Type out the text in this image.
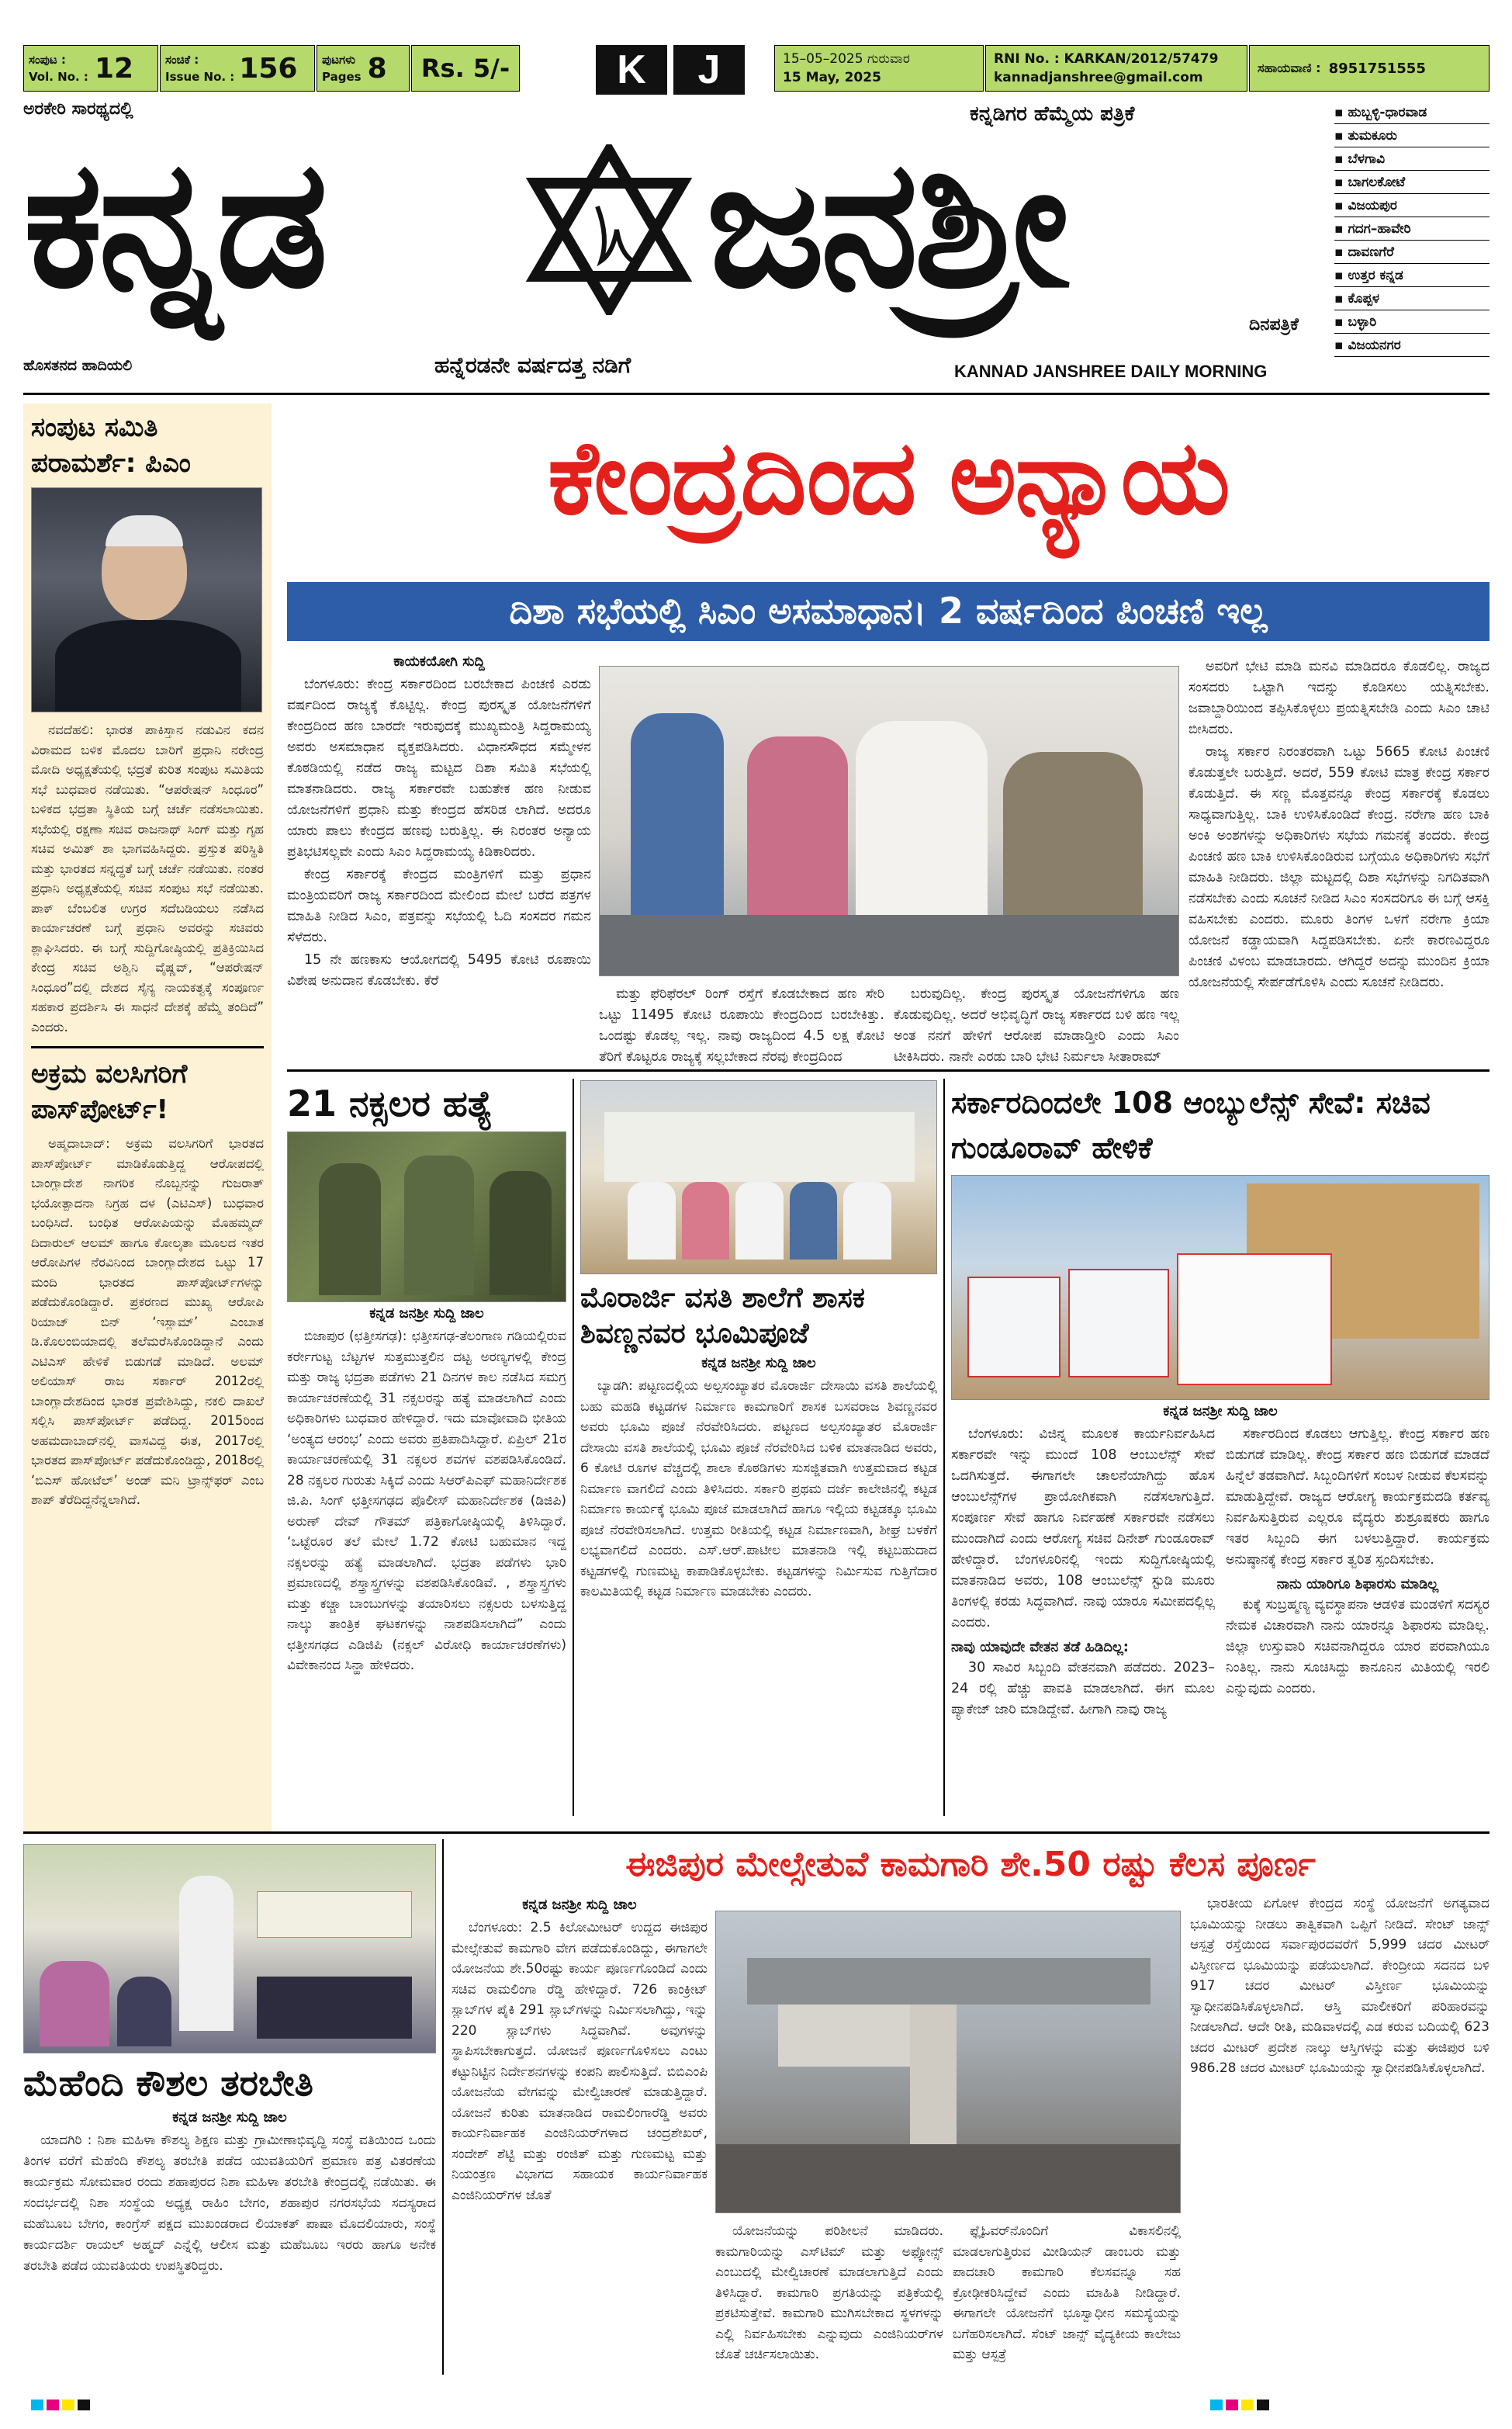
ಸಂಪುಟ :
Vol. No. : 12	ಸಂಚಿಕೆ :
Issue No. : 156 ಪುಟಗಳು
Pages 8 Rs. 5/-	K	J	15–05–2025 ಗುರುವಾರ
15 May, 2025
RNI No. : KARKAN/2012/57479
kannadjanshree@gmail.com
ಸಹಾಯವಾಣಿ : 8951751555
ಅರಕೇರಿ ಸಾರಥ್ಯದಲ್ಲಿ	ಕನ್ನಡಿಗರ ಹೆಮ್ಮೆಯ ಪತ್ರಿಕೆ
ಕನ್ನಡ ಜನಶ್ರೀ	ದಿನಪತ್ರಿಕೆ
ಹೊಸತನದ ಹಾದಿಯಲಿ	ಹನ್ನೆರಡನೇ ವರ್ಷದತ್ತ ನಡಿಗೆ	KANNAD JANSHREE DAILY MORNING
▪ ಹುಬ್ಬಳ್ಳಿ-ಧಾರವಾಡ
▪ ತುಮಕೂರು
▪ ಬೆಳಗಾವಿ
▪ ಬಾಗಲಕೋಟೆ
▪ ವಿಜಯಪುರ
▪ ಗದಗ–ಹಾವೇರಿ
▪ ದಾವಣಗೆರೆ
▪ ಉತ್ತರ ಕನ್ನಡ
▪ ಕೊಪ್ಪಳ
▪ ಬಳ್ಳಾರಿ
▪ ವಿಜಯನಗರ
ಸಂಪುಟ ಸಮಿತಿ ಪರಾಮರ್ಶೆ: ಪಿಎಂ
ನವದೆಹಲಿ: ಭಾರತ ಪಾಕಿಸ್ತಾನ ನಡುವಿನ ಕದನ ವಿರಾಮದ ಬಳಿಕ ಮೊದಲ ಬಾರಿಗೆ ಪ್ರಧಾನಿ ನರೇಂದ್ರ ಮೋದಿ ಅಧ್ಯಕ್ಷತೆಯಲ್ಲಿ ಭದ್ರತೆ ಕುರಿತ ಸಂಪುಟ ಸಮಿತಿಯ ಸಭೆ ಬುಧವಾರ ನಡೆಯಿತು. “ಆಪರೇಷನ್ ಸಿಂಧೂರ” ಬಳಿಕದ ಭದ್ರತಾ ಸ್ಥಿತಿಯ ಬಗ್ಗೆ ಚರ್ಚೆ ನಡೆಸಲಾಯಿತು. ಸಭೆಯಲ್ಲಿ ರಕ್ಷಣಾ ಸಚಿವ ರಾಜನಾಥ್ ಸಿಂಗ್ ಮತ್ತು ಗೃಹ ಸಚಿವ ಅಮಿತ್ ಶಾ ಭಾಗವಹಿಸಿದ್ದರು. ಪ್ರಸ್ತುತ ಪರಿಸ್ಥಿತಿ ಮತ್ತು ಭಾರತದ ಸನ್ನದ್ಧತೆ ಬಗ್ಗೆ ಚರ್ಚೆ ನಡೆಯಿತು. ನಂತರ ಪ್ರಧಾನಿ ಅಧ್ಯಕ್ಷತೆಯಲ್ಲಿ ಸಚಿವ ಸಂಪುಟ ಸಭೆ ನಡೆಯಿತು. ಪಾಕ್ ಬೆಂಬಲಿತ ಉಗ್ರರ ಸದೆಬಡಿಯಲು ನಡೆಸಿದ ಕಾರ್ಯಾಚರಣೆ ಬಗ್ಗೆ ಪ್ರಧಾನಿ ಅವರನ್ನು ಸಚಿವರು ಶ್ಲಾಘಿಸಿದರು. ಈ ಬಗ್ಗೆ ಸುದ್ದಿಗೋಷ್ಠಿಯಲ್ಲಿ ಪ್ರತಿಕ್ರಿಯಿಸಿದ ಕೇಂದ್ರ ಸಚಿವ ಅಶ್ವಿನಿ ವೈಷ್ಣವ್, “ಆಪರೇಷನ್ ಸಿಂಧೂರ”ದಲ್ಲಿ ದೇಶದ ಸೈನ್ಯ ನಾಯಕತ್ವಕ್ಕೆ ಸಂಪೂರ್ಣ ಸಹಕಾರ ಪ್ರದರ್ಶಿಸಿ ಈ ಸಾಧನೆ ದೇಶಕ್ಕೆ ಹೆಮ್ಮೆ ತಂದಿದೆ” ಎಂದರು.
ಅಕ್ರಮ ವಲಸಿಗರಿಗೆ ಪಾಸ್‌ಪೋರ್ಟ್!
ಅಹ್ಮದಾಬಾದ್: ಅಕ್ರಮ ವಲಸಿಗರಿಗೆ ಭಾರತದ ಪಾಸ್‌ಪೋರ್ಟ್ ಮಾಡಿಕೊಡುತ್ತಿದ್ದ ಆರೋಪದಲ್ಲಿ ಬಾಂಗ್ಲಾದೇಶ ನಾಗರಿಕ ನೊಬ್ಬನನ್ನು ಗುಜರಾತ್ ಭಯೋತ್ಪಾದನಾ ನಿಗ್ರಹ ದಳ (ಎಟಿಎಸ್) ಬುಧವಾರ ಬಂಧಿಸಿದೆ. ಬಂಧಿತ ಆರೋಪಿಯನ್ನು ಮೊಹಮ್ಮದ್ ದಿದಾರುಲ್ ಆಲಮ್ ಹಾಗೂ ಕೋಲ್ಕತಾ ಮೂಲದ ಇತರ ಆರೋಪಿಗಳ ನೆರವಿನಿಂದ ಬಾಂಗ್ಲಾದೇಶದ ಒಟ್ಟು 17 ಮಂದಿ ಭಾರತದ ಪಾಸ್‌ಪೋರ್ಟ್‌ಗಳನ್ನು ಪಡೆದುಕೊಂಡಿದ್ದಾರೆ. ಪ್ರಕರಣದ ಮುಖ್ಯ ಆರೋಪಿ ರಿಯಾಜ್ ಬಿನ್ ‘ಇಸ್ಲಾಮ್’ ಎಂಬಾತ ಡಿ.ಕೊಲಂಬಿಯಾದಲ್ಲಿ ತಲೆಮರೆಸಿಕೊಂಡಿದ್ದಾನೆ ಎಂದು ಎಟಿಎಸ್ ಹೇಳಿಕೆ ಬಿಡುಗಡೆ ಮಾಡಿದೆ. ಅಲಮ್ ಅಲಿಯಾಸ್ ರಾಜ ಸರ್ಕಾರ್ 2012ರಲ್ಲಿ ಬಾಂಗ್ಲಾದೇಶದಿಂದ ಭಾರತ ಪ್ರವೇಶಿಸಿದ್ದು, ನಕಲಿ ದಾಖಲೆ ಸಲ್ಲಿಸಿ ಪಾಸ್‌ಪೋರ್ಟ್ ಪಡೆದಿದ್ದ. 2015ರಿಂದ ಅಹಮದಾಬಾದ್‌ನಲ್ಲಿ ವಾಸವಿದ್ದ ಈತ, 2017ರಲ್ಲಿ ಭಾರತದ ಪಾಸ್‌ಪೋರ್ಟ್ ಪಡೆದುಕೊಂಡಿದ್ದು, 2018ರಲ್ಲಿ ‘ಬಿಎಸ್ ಹೋಟೆಲ್’ ಅಂಡ್ ಮನಿ ಟ್ರಾನ್ಸ್‌ಫರ್ ಎಂಬ ಶಾಪ್ ತೆರೆದಿದ್ದನೆನ್ನಲಾಗಿದೆ.
ಕೇಂದ್ರದಿಂದ ಅನ್ಯಾಯ
ದಿಶಾ ಸಭೆಯಲ್ಲಿ ಸಿಎಂ ಅಸಮಾಧಾನ। 2 ವರ್ಷದಿಂದ ಪಿಂಚಣಿ ಇಲ್ಲ
ಕಾಯಕಯೋಗಿ ಸುದ್ದಿ

ಬೆಂಗಳೂರು: ಕೇಂದ್ರ ಸರ್ಕಾರದಿಂದ ಬರಬೇಕಾದ ಪಿಂಚಣಿ ಎರಡು ವರ್ಷದಿಂದ ರಾಜ್ಯಕ್ಕೆ ಕೊಟ್ಟಿಲ್ಲ. ಕೇಂದ್ರ ಪುರಸ್ಕೃತ ಯೋಜನೆಗಳಿಗೆ ಕೇಂದ್ರದಿಂದ ಹಣ ಬಾರದೇ ಇರುವುದಕ್ಕೆ ಮುಖ್ಯಮಂತ್ರಿ ಸಿದ್ದರಾಮಯ್ಯ ಅವರು ಅಸಮಾಧಾನ ವ್ಯಕ್ತಪಡಿಸಿದರು. ವಿಧಾನಸೌಧದ ಸಮ್ಮೇಳನ ಕೊಠಡಿಯಲ್ಲಿ ನಡೆದ ರಾಜ್ಯ ಮಟ್ಟದ ದಿಶಾ ಸಮಿತಿ ಸಭೆಯಲ್ಲಿ ಮಾತನಾಡಿದರು. ರಾಜ್ಯ ಸರ್ಕಾರವೇ ಬಹುತೇಕ ಹಣ ನೀಡುವ ಯೋಜನೆಗಳಿಗೆ ಪ್ರಧಾನಿ ಮತ್ತು ಕೇಂದ್ರದ ಹೆಸರಿಡ ಲಾಗಿದೆ. ಅದರೂ ಯಾರು ಪಾಲು ಕೇಂದ್ರದ ಹಣವು ಬರುತ್ತಿಲ್ಲ. ಈ ನಿರಂತರ ಅನ್ಯಾಯ ಪ್ರತಿಭಟಿಸಲ್ಲವೇ ಎಂದು ಸಿಎಂ ಸಿದ್ದರಾಮಯ್ಯ ಕಿಡಿಕಾರಿದರು.

ಕೇಂದ್ರ ಸರ್ಕಾರಕ್ಕೆ ಕೇಂದ್ರದ ಮಂತ್ರಿಗಳಿಗೆ ಮತ್ತು ಪ್ರಧಾನ ಮಂತ್ರಿಯವರಿಗೆ ರಾಜ್ಯ ಸರ್ಕಾರದಿಂದ ಮೇಲಿಂದ ಮೇಲೆ ಬರೆದ ಪತ್ರಗಳ ಮಾಹಿತಿ ನೀಡಿದ ಸಿಎಂ, ಪತ್ರವನ್ನು ಸಭೆಯಲ್ಲಿ ಓದಿ ಸಂಸದರ ಗಮನ ಸೆಳೆದರು.

15 ನೇ ಹಣಕಾಸು ಆಯೋಗದಲ್ಲಿ 5495 ಕೋಟಿ ರೂಪಾಯಿ ವಿಶೇಷ ಅನುದಾನ ಕೊಡಬೇಕು. ಕೆರೆ

ಮತ್ತು ಫೆರಿಫೆರಲ್ ರಿಂಗ್ ರಸ್ತೆಗೆ ಕೊಡಬೇಕಾದ ಹಣ ಸೇರಿ ಒಟ್ಟು 11495 ಕೋಟಿ ರೂಪಾಯಿ ಕೇಂದ್ರದಿಂದ ಬರಬೇಕಿತ್ತು. ಒಂದಷ್ಟು ಕೊಡಲ್ಲ ಇಲ್ಲ. ನಾವು ರಾಜ್ಯದಿಂದ 4.5 ಲಕ್ಷ ಕೋಟಿ ತೆರಿಗೆ ಕೊಟ್ಟರೂ ರಾಜ್ಯಕ್ಕೆ ಸಲ್ಲಬೇಕಾದ ನೆರವು ಕೇಂದ್ರದಿಂದ
ಬರುವುದಿಲ್ಲ. ಕೇಂದ್ರ ಪುರಸ್ಕೃತ ಯೋಜನೆಗಳಿಗೂ ಹಣ ಕೊಡುವುದಿಲ್ಲ. ಅದರೆ ಅಭಿವೃದ್ಧಿಗೆ ರಾಜ್ಯ ಸರ್ಕಾರದ ಬಳಿ ಹಣ ಇಲ್ಲ ಅಂತ ನನಗೆ ಹೇಳಿಗೆ ಆರೋಪ ಮಾಡಾಡ್ತೀರಿ ಎಂದು ಸಿಎಂ ಟೀಕಿಸಿದರು. ನಾನೇ ಎರಡು ಬಾರಿ ಭೇಟಿ ನಿರ್ಮಲಾ ಸೀತಾರಾಮ್

ಅವರಿಗೆ ಭೇಟಿ ಮಾಡಿ ಮನವಿ ಮಾಡಿದರೂ ಕೊಡಲಿಲ್ಲ. ರಾಜ್ಯದ ಸಂಸದರು ಒಟ್ಟಾಗಿ ಇದನ್ನು ಕೊಡಿಸಲು ಯತ್ನಿಸಬೇಕು. ಜವಾಬ್ದಾರಿಯಿಂದ ತಪ್ಪಿಸಿಕೊಳ್ಳಲು ಪ್ರಯತ್ನಿಸಬೇಡಿ ಎಂದು ಸಿಎಂ ಚಾಟಿ ಬೀಸಿದರು.

ರಾಜ್ಯ ಸರ್ಕಾರ ನಿರಂತರವಾಗಿ ಒಟ್ಟು 5665 ಕೋಟಿ ಪಿಂಚಣಿ ಕೊಡುತ್ತಲೇ ಬರುತ್ತಿದೆ. ಅದರೆ, 559 ಕೋಟಿ ಮಾತ್ರ ಕೇಂದ್ರ ಸರ್ಕಾರ ಕೊಡುತ್ತಿದೆ. ಈ ಸಣ್ಣ ಮೊತ್ತವನ್ನೂ ಕೇಂದ್ರ ಸರ್ಕಾರಕ್ಕೆ ಕೊಡಲು ಸಾಧ್ಯವಾಗುತ್ತಿಲ್ಲ. ಬಾಕಿ ಉಳಿಸಿಕೊಂಡಿದೆ ಕೇಂದ್ರ. ನರೇಗಾ ಹಣ ಬಾಕಿ ಅಂಕಿ ಅಂಶಗಳನ್ನು ಅಧಿಕಾರಿಗಳು ಸಭೆಯ ಗಮನಕ್ಕೆ ತಂದರು. ಕೇಂದ್ರ ಪಿಂಚಣಿ ಹಣ ಬಾಕಿ ಉಳಿಸಿಕೊಂಡಿರುವ ಬಗ್ಗೆಯೂ ಅಧಿಕಾರಿಗಳು ಸಭೆಗೆ ಮಾಹಿತಿ ನೀಡಿದರು. ಜಿಲ್ಲಾ ಮಟ್ಟದಲ್ಲಿ ದಿಶಾ ಸಭೆಗಳನ್ನು ನಿಗದಿತವಾಗಿ ನಡೆಸಬೇಕು ಎಂದು ಸೂಚನೆ ನೀಡಿದ ಸಿಎಂ ಸಂಸದರಿಗೂ ಈ ಬಗ್ಗೆ ಆಸಕ್ತಿ ವಹಿಸಬೇಕು ಎಂದರು. ಮೂರು ತಿಂಗಳ ಒಳಗೆ ನರೇಗಾ ಕ್ರಿಯಾ ಯೋಜನೆ ಕಡ್ಡಾಯವಾಗಿ ಸಿದ್ದಪಡಿಸಬೇಕು. ಏನೇ ಕಾರಣವಿದ್ದರೂ ಪಿಂಚಣಿ ವಿಳಂಬ ಮಾಡಬಾರದು. ಆಗಿದ್ದರೆ ಅದನ್ನು ಮುಂದಿನ ಕ್ರಿಯಾ ಯೋಜನೆಯಲ್ಲಿ ಸೇರ್ಪಡೆಗೊಳಿಸಿ ಎಂದು ಸೂಚನೆ ನೀಡಿದರು.

21 ನಕ್ಸಲರ ಹತ್ಯೆ
ಕನ್ನಡ ಜನಶ್ರೀ ಸುದ್ದಿ ಜಾಲ
ಬಿಜಾಪುರ (ಛತ್ತೀಸಗಢ): ಛತ್ತೀಸಗಢ-ತೆಲಂಗಾಣ ಗಡಿಯಲ್ಲಿರುವ ಕರ್ರೇಗುಟ್ಟ ಬೆಟ್ಟಗಳ ಸುತ್ತಮುತ್ತಲಿನ ದಟ್ಟ ಅರಣ್ಯಗಳಲ್ಲಿ ಕೇಂದ್ರ ಮತ್ತು ರಾಜ್ಯ ಭದ್ರತಾ ಪಡೆಗಳು 21 ದಿನಗಳ ಕಾಲ ನಡೆಸಿದ ಸಮಗ್ರ ಕಾರ್ಯಾಚರಣೆಯಲ್ಲಿ 31 ನಕ್ಸಲರನ್ನು ಹತ್ಯೆ ಮಾಡಲಾಗಿದೆ ಎಂದು ಅಧಿಕಾರಿಗಳು ಬುಧವಾರ ಹೇಳಿದ್ದಾರೆ. ಇದು ಮಾವೋವಾದಿ ಭೀತಿಯ ‘ಅಂತ್ಯದ ಆರಂಭ’ ಎಂದು ಅವರು ಪ್ರತಿಪಾದಿಸಿದ್ದಾರೆ. ಏಪ್ರಿಲ್ 21ರ ಕಾರ್ಯಾಚರಣೆಯಲ್ಲಿ 31 ನಕ್ಸಲರ ಶವಗಳ ವಶಪಡಿಸಿಕೊಂಡಿದೆ. 28 ನಕ್ಸಲರ ಗುರುತು ಸಿಕ್ಕಿದೆ ಎಂದು ಸಿಆರ್‌ಪಿಎಫ್ ಮಹಾನಿರ್ದೇಶಕ ಜಿ.ಪಿ. ಸಿಂಗ್ ಛತ್ತೀಸಗಢದ ಪೊಲೀಸ್ ಮಹಾನಿರ್ದೇಶಕ (ಡಿಜಿಪಿ) ಅರುಣ್ ದೇವ್ ಗೌತಮ್ ಪತ್ರಿಕಾಗೋಷ್ಠಿಯಲ್ಲಿ ತಿಳಿಸಿದ್ದಾರೆ. ‘ಒಟ್ಟೆರೂರ ತಲೆ ಮೇಲೆ 1.72 ಕೋಟಿ ಬಹುಮಾನ ಇದ್ದ ನಕ್ಸಲರನ್ನು ಹತ್ಯೆ ಮಾಡಲಾಗಿದೆ. ಭದ್ರತಾ ಪಡೆಗಳು ಭಾರಿ ಪ್ರಮಾಣದಲ್ಲಿ ಶಸ್ತ್ರಾಸ್ತ್ರಗಳನ್ನು ವಶಪಡಿಸಿಕೊಂಡಿವೆ. , ಶಸ್ತ್ರಾಸ್ತ್ರಗಳು ಮತ್ತು ಕಚ್ಚಾ ಬಾಂಬುಗಳನ್ನು ತಯಾರಿಸಲು ನಕ್ಸಲರು ಬಳಸುತ್ತಿದ್ದ ನಾಲ್ಕು ತಾಂತ್ರಿಕ ಘಟಕಗಳನ್ನು ನಾಶಪಡಿಸಲಾಗಿದೆ” ಎಂದು ಛತ್ತೀಸಗಢದ ಎಡಿಜಿಪಿ (ನಕ್ಸಲ್ ವಿರೋಧಿ ಕಾರ್ಯಾಚರಣೆಗಳು) ವಿವೇಕಾನಂದ ಸಿನ್ಹಾ ಹೇಳಿದರು.
ಮೊರಾರ್ಜಿ ವಸತಿ ಶಾಲೆಗೆ ಶಾಸಕ ಶಿವಣ್ಣನವರ ಭೂಮಿಪೂಜೆ
ಕನ್ನಡ ಜನಶ್ರೀ ಸುದ್ದಿ ಜಾಲ
ಬ್ಯಾಡಗಿ: ಪಟ್ಟಣದಲ್ಲಿಯ ಅಲ್ಪಸಂಖ್ಯಾತರ ಮೊರಾರ್ಜಿ ದೇಸಾಯಿ ವಸತಿ ಶಾಲೆಯಲ್ಲಿ ಬಹು ಮಹಡಿ ಕಟ್ಟಡಗಳ ನಿರ್ಮಾಣ ಕಾಮಗಾರಿಗೆ ಶಾಸಕ ಬಸವರಾಜ ಶಿವಣ್ಣನವರ ಅವರು ಭೂಮಿ ಪೂಜೆ ನೆರವೇರಿಸಿದರು. ಪಟ್ಟಣದ ಅಲ್ಪಸಂಖ್ಯಾತರ ಮೊರಾರ್ಜಿ ದೇಸಾಯಿ ವಸತಿ ಶಾಲೆಯಲ್ಲಿ ಭೂಮಿ ಪೂಜೆ ನೆರವೇರಿಸಿದ ಬಳಿಕ ಮಾತನಾಡಿದ ಅವರು, 6 ಕೋಟಿ ರೂಗಳ ವೆಚ್ಚದಲ್ಲಿ ಶಾಲಾ ಕೊಠಡಿಗಳು ಸುಸಜ್ಜಿತವಾಗಿ ಉತ್ತಮವಾದ ಕಟ್ಟಡ ನಿರ್ಮಾಣ ವಾಗಲಿದೆ ಎಂದು ತಿಳಿಸಿದರು. ಸರ್ಕಾರಿ ಪ್ರಥಮ ದರ್ಜೆ ಕಾಲೇಜಿನಲ್ಲಿ ಕಟ್ಟಡ ನಿರ್ಮಾಣ ಕಾರ್ಯಕ್ಕೆ ಭೂಮಿ ಪೂಜೆ ಮಾಡಲಾಗಿದೆ ಹಾಗೂ ಇಲ್ಲಿಯ ಕಟ್ಟಡಕ್ಕೂ ಭೂಮಿ ಪೂಜೆ ನೆರವೇರಿಸಲಾಗಿದೆ. ಉತ್ತಮ ರೀತಿಯಲ್ಲಿ ಕಟ್ಟಡ ನಿರ್ಮಾಣವಾಗಿ, ಶೀಘ್ರ ಬಳಕೆಗೆ ಲಭ್ಯವಾಗಲಿದೆ ಎಂದರು. ಎಸ್.ಆರ್.ಪಾಟೀಲ ಮಾತನಾಡಿ ಇಲ್ಲಿ ಕಟ್ಟಬಹುದಾದ ಕಟ್ಟಡಗಳಲ್ಲಿ ಗುಣಮಟ್ಟ ಕಾಪಾಡಿಕೊಳ್ಳಬೇಕು. ಕಟ್ಟಡಗಳನ್ನು ನಿರ್ಮಿಸುವ ಗುತ್ತಿಗೆದಾರ ಕಾಲಮಿತಿಯಲ್ಲಿ ಕಟ್ಟಡ ನಿರ್ಮಾಣ ಮಾಡಬೇಕು ಎಂದರು.
ಸರ್ಕಾರದಿಂದಲೇ 108 ಆಂಬ್ಯುಲೆನ್ಸ್ ಸೇವೆ: ಸಚಿವ ಗುಂಡೂರಾವ್ ಹೇಳಿಕೆ
ಕನ್ನಡ ಜನಶ್ರೀ ಸುದ್ದಿ ಜಾಲ

ಬೆಂಗಳೂರು: ವಿಜಿನ್ನ ಮೂಲಕ ಕಾರ್ಯನಿರ್ವಹಿಸಿದ ಸರ್ಕಾರವೇ ಇನ್ನು ಮುಂದೆ 108 ಆಂಬುಲೆನ್ಸ್ ಸೇವೆ ಒದಗಿಸುತ್ತದೆ. ಈಗಾಗಲೇ ಚಾಲನೆಯಾಗಿದ್ದು ಹೊಸ ಆಂಬುಲೆನ್ಸ್‌ಗಳ ಪ್ರಾಯೋಗಿಕವಾಗಿ ನಡೆಸಲಾಗುತ್ತಿದೆ. ಸಂಪೂರ್ಣ ಸೇವೆ ಹಾಗೂ ನಿರ್ವಹಣೆ ಸರ್ಕಾರವೇ ನಡೆಸಲು ಮುಂದಾಗಿದೆ ಎಂದು ಆರೋಗ್ಯ ಸಚಿವ ದಿನೇಶ್ ಗುಂಡೂರಾವ್ ಹೇಳಿದ್ದಾರೆ. ಬೆಂಗಳೂರಿನಲ್ಲಿ ಇಂದು ಸುದ್ದಿಗೋಷ್ಠಿಯಲ್ಲಿ ಮಾತನಾಡಿದ ಅವರು, 108 ಆಂಬುಲೆನ್ಸ್ ಸ್ಟುಡಿ ಮೂರು ತಿಂಗಳಲ್ಲಿ ಕರಡು ಸಿದ್ಧವಾಗಿದೆ. ನಾವು ಯಾರೂ ಸಮೀಪದಲ್ಲಿಲ್ಲ ಎಂದರು.

ನಾವು ಯಾವುದೇ ವೇತನ ತಡೆ ಹಿಡಿದಿಲ್ಲ:

30 ಸಾವಿರ ಸಿಬ್ಬಂದಿ ವೇತನವಾಗಿ ಪಡೆದರು. 2023–24 ರಲ್ಲಿ ಹೆಚ್ಚು ಪಾವತಿ ಮಾಡಲಾಗಿದೆ. ಈಗ ಮೂಲ ಪ್ಯಾಕೇಜ್ ಜಾರಿ ಮಾಡಿದ್ದೇವೆ. ಹೀಗಾಗಿ ನಾವು ರಾಜ್ಯ

ಸರ್ಕಾರದಿಂದ ಕೊಡಲು ಆಗುತ್ತಿಲ್ಲ. ಕೇಂದ್ರ ಸರ್ಕಾರ ಹಣ ಬಿಡುಗಡೆ ಮಾಡಿಲ್ಲ. ಕೇಂದ್ರ ಸರ್ಕಾರ ಹಣ ಬಿಡುಗಡೆ ಮಾಡದೆ ಹಿನ್ನೆಲೆ ತಡವಾಗಿದೆ. ಸಿಬ್ಬಂದಿಗಳಿಗೆ ಸಂಬಳ ನೀಡುವ ಕೆಲಸವನ್ನು ಮಾಡುತ್ತಿದ್ದೇವೆ. ರಾಜ್ಯದ ಆರೋಗ್ಯ ಕಾರ್ಯಕ್ರಮದಡಿ ಕರ್ತವ್ಯ ನಿರ್ವಹಿಸುತ್ತಿರುವ ಎಲ್ಲರೂ ವೈದ್ಯರು ಶುಶ್ರೂಷಕರು ಹಾಗೂ ಇತರ ಸಿಬ್ಬಂದಿ ಈಗ ಬಳಲುತ್ತಿದ್ದಾರೆ. ಕಾರ್ಯಕ್ರಮ ಅನುಷ್ಠಾನಕ್ಕೆ ಕೇಂದ್ರ ಸರ್ಕಾರ ತ್ವರಿತ ಸ್ಪಂದಿಸಬೇಕು.

ನಾನು ಯಾರಿಗೂ ಶಿಫಾರಸು ಮಾಡಿಲ್ಲ

ಕುಕ್ಕೆ ಸುಬ್ರಹ್ಮಣ್ಯ ವ್ಯವಸ್ಥಾಪನಾ ಆಡಳಿತ ಮಂಡಳಿಗೆ ಸದಸ್ಯರ ನೇಮಕ ವಿಚಾರವಾಗಿ ನಾನು ಯಾರನ್ನೂ ಶಿಫಾರಸು ಮಾಡಿಲ್ಲ. ಜಿಲ್ಲಾ ಉಸ್ತುವಾರಿ ಸಚಿವನಾಗಿದ್ದರೂ ಯಾರ ಪರವಾಗಿಯೂ ನಿಂತಿಲ್ಲ. ನಾನು ಸೂಚಿಸಿದ್ದು ಕಾನೂನಿನ ಮಿತಿಯಲ್ಲಿ ಇರಲಿ ಎನ್ನುವುದು ಎಂದರು.

ಮೆಹೆಂದಿ ಕೌಶಲ ತರಬೇತಿ
ಕನ್ನಡ ಜನಶ್ರೀ ಸುದ್ದಿ ಜಾಲ
ಯಾದಗಿರಿ : ನಿಶಾ ಮಹಿಳಾ ಕೌಶಲ್ಯ ಶಿಕ್ಷಣ ಮತ್ತು ಗ್ರಾಮೀಣಾಭಿವೃದ್ಧಿ ಸಂಸ್ಥೆ ವತಿಯಿಂದ ಒಂದು ತಿಂಗಳ ವರೆಗೆ ಮೆಹೆಂದಿ ಕೌಶಲ್ಯ ತರಬೇತಿ ಪಡೆದ ಯುವತಿಯರಿಗೆ ಪ್ರಮಾಣ ಪತ್ರ ವಿತರಣೆಯ ಕಾರ್ಯಕ್ರಮ ಸೋಮವಾರ ರಂದು ಶಹಾಪುರದ ನಿಶಾ ಮಹಿಳಾ ತರಬೇತಿ ಕೇಂದ್ರದಲ್ಲಿ ನಡೆಯಿತು. ಈ ಸಂದರ್ಭದಲ್ಲಿ ನಿಶಾ ಸಂಸ್ಥೆಯ ಅಧ್ಯಕ್ಷ ರಾಹಿಂ ಬೇಗಂ, ಶಹಾಪುರ ನಗರಸಭೆಯ ಸದಸ್ಯರಾದ ಮಹೆಬೂಬ ಬೇಗಂ, ಕಾಂಗ್ರೆಸ್ ಪಕ್ಷದ ಮುಖಂಡರಾದ ಲಿಯಾಕತ್ ಪಾಷಾ ಮೊದಲಿಯಾರು, ಸಂಸ್ಥೆ ಕಾರ್ಯದರ್ಶಿ ರಾಯಲ್ ಅಹ್ಮದ್ ಎನ್ನೆಲ್ಲಿ ಆಲೀಸ ಮತ್ತು ಮಹೆಬೂಬ ಇರರು ಹಾಗೂ ಅನೇಕ ತರಬೇತಿ ಪಡೆದ ಯುವತಿಯರು ಉಪಸ್ಥಿತರಿದ್ದರು.
ಈಜಿಪುರ ಮೇಲ್ಸೇತುವೆ ಕಾಮಗಾರಿ ಶೇ.50 ರಷ್ಟು ಕೆಲಸ ಪೂರ್ಣ
ಕನ್ನಡ ಜನಶ್ರೀ ಸುದ್ದಿ ಜಾಲ
ಬೆಂಗಳೂರು: 2.5 ಕಿಲೋಮೀಟರ್ ಉದ್ದದ ಈಜಿಪುರ ಮೇಲ್ಸೇತುವೆ ಕಾಮಗಾರಿ ವೇಗ ಪಡೆದುಕೊಂಡಿದ್ದು, ಈಗಾಗಲೇ ಯೋಜನೆಯ ಶೇ.50ರಷ್ಟು ಕಾರ್ಯ ಪೂರ್ಣಗೊಂಡಿದೆ ಎಂದು ಸಚಿವ ರಾಮಲಿಂಗಾ ರೆಡ್ಡಿ ಹೇಳಿದ್ದಾರೆ. 726 ಕಾಂಕ್ರೀಟ್ ಸ್ಲಾಬ್‌ಗಳ ಪೈಕಿ 291 ಸ್ಲಾಬ್‌ಗಳನ್ನು ನಿರ್ಮಿಸಲಾಗಿದ್ದು, ಇನ್ನು 220 ಸ್ಲಾಬ್‌ಗಳು ಸಿದ್ಧವಾಗಿವೆ. ಅವುಗಳನ್ನು ಸ್ಥಾಪಿಸಬೇಕಾಗುತ್ತದೆ. ಯೋಜನೆ ಪೂರ್ಣಗೊಳಿಸಲು ಎಂಟು ಕಟ್ಟುನಿಟ್ಟಿನ ನಿರ್ದೇಶನಗಳನ್ನು ಕಂಪನಿ ಪಾಲಿಸುತ್ತಿದೆ. ಬಿಬಿಎಂಪಿ ಯೋಜನೆಯ ವೇಗವನ್ನು ಮೇಲ್ವಿಚಾರಣೆ ಮಾಡುತ್ತಿದ್ದಾರೆ. ಯೋಜನೆ ಕುರಿತು ಮಾತನಾಡಿದ ರಾಮಲಿಂಗಾರೆಡ್ಡಿ ಅವರು ಕಾರ್ಯನಿರ್ವಾಹಕ ಎಂಜಿನಿಯರ್‌ಗಳಾದ ಚಂದ್ರಶೇಖರ್, ಸಂದೇಶ್ ಶೆಟ್ಟಿ ಮತ್ತು ರಂಜಿತ್ ಮತ್ತು ಗುಣಮಟ್ಟ ಮತ್ತು ನಿಯಂತ್ರಣ ವಿಭಾಗದ ಸಹಾಯಕ ಕಾರ್ಯನಿರ್ವಾಹಕ ಎಂಜಿನಿಯರ್‌ಗಳ ಜೊತೆ
ಯೋಜನೆಯನ್ನು ಪರಿಶೀಲನೆ ಮಾಡಿದರು. ಕಾಮಗಾರಿಯನ್ನು ಎಸ್‌ಟಿಮ್ ಮತ್ತು ಅಫ್ಕೋನ್ಸ್ ಎಂಬುದಲ್ಲಿ ಮೇಲ್ವಿಚಾರಣೆ ಮಾಡಲಾಗುತ್ತಿದೆ ಎಂದು ತಿಳಿಸಿದ್ದಾರೆ. ಕಾಮಗಾರಿ ಪ್ರಗತಿಯನ್ನು ಪತ್ರಿಕೆಯಲ್ಲಿ ಪ್ರಕಟಿಸುತ್ತೇವೆ. ಕಾಮಗಾರಿ ಮುಗಿಸಬೇಕಾದ ಸ್ಥಳಗಳನ್ನು ಎಲ್ಲಿ ನಿರ್ವಹಿಸಬೇಕು ಎನ್ನುವುದು ಎಂಜಿನಿಯರ್‌ಗಳ ಜೊತೆ ಚರ್ಚಿಸಲಾಯಿತು.
ಫ್ಲೈಓವರ್‌ನೊಂದಿಗೆ ವಿಕಾಸಲಿನಲ್ಲಿ ಮಾಡಲಾಗುತ್ತಿರುವ ಮೀಡಿಯನ್ ಡಾಂಬರು ಮತ್ತು ಪಾದಚಾರಿ ಕಾಮಗಾರಿ ಕೆಲಸವನ್ನೂ ಸಹ ಕ್ರೋಢೀಕರಿಸಿದ್ದೇವೆ ಎಂದು ಮಾಹಿತಿ ನೀಡಿದ್ದಾರೆ. ಈಗಾಗಲೇ ಯೋಜನೆಗೆ ಭೂಸ್ವಾಧೀನ ಸಮಸ್ಯೆಯನ್ನು ಬಗೆಹರಿಸಲಾಗಿದೆ. ಸೆಂಟ್ ಜಾನ್ಸ್ ವೈದ್ಯಕೀಯ ಕಾಲೇಜು ಮತ್ತು ಆಸ್ಪತ್ರೆ
ಭಾರತೀಯ ಏಗೋಳ ಕೇಂದ್ರದ ಸಂಸ್ಥೆ ಯೋಜನೆಗೆ ಅಗತ್ಯವಾದ ಭೂಮಿಯನ್ನು ನೀಡಲು ತಾತ್ವಿಕವಾಗಿ ಒಪ್ಪಿಗೆ ನೀಡಿದೆ. ಸೇಂಟ್ ಜಾನ್ಸ್ ಆಸ್ಪತ್ರೆ ರಸ್ತೆಯಿಂದ ಸರ್ವಾಪುರದವರೆಗೆ 5,999 ಚದರ ಮೀಟರ್ ವಿಸ್ತೀರ್ಣದ ಭೂಮಿಯನ್ನು ಪಡೆಯಲಾಗಿದೆ. ಕೇಂದ್ರೀಯ ಸದನದ ಬಳಿ 917 ಚದರ ಮೀಟರ್ ವಿಸ್ತೀರ್ಣ ಭೂಮಿಯನ್ನು ಸ್ವಾಧೀನಪಡಿಸಿಕೊಳ್ಳಲಾಗಿದೆ. ಆಸ್ತಿ ಮಾಲೀಕರಿಗೆ ಪರಿಹಾರವನ್ನು ನೀಡಲಾಗಿದೆ. ಆದೇ ರೀತಿ, ಮಡಿವಾಳದಲ್ಲಿ ಎಡ ಕರುವ ಬದಿಯಲ್ಲಿ 623 ಚದರ ಮೀಟರ್ ಪ್ರದೇಶ ನಾಲ್ಕು ಆಸ್ತಿಗಳನ್ನು ಮತ್ತು ಈಜಿಪುರ ಬಳಿ 986.28 ಚದರ ಮೀಟರ್ ಭೂಮಿಯನ್ನು ಸ್ವಾಧೀನಪಡಿಸಿಕೊಳ್ಳಲಾಗಿದೆ.
